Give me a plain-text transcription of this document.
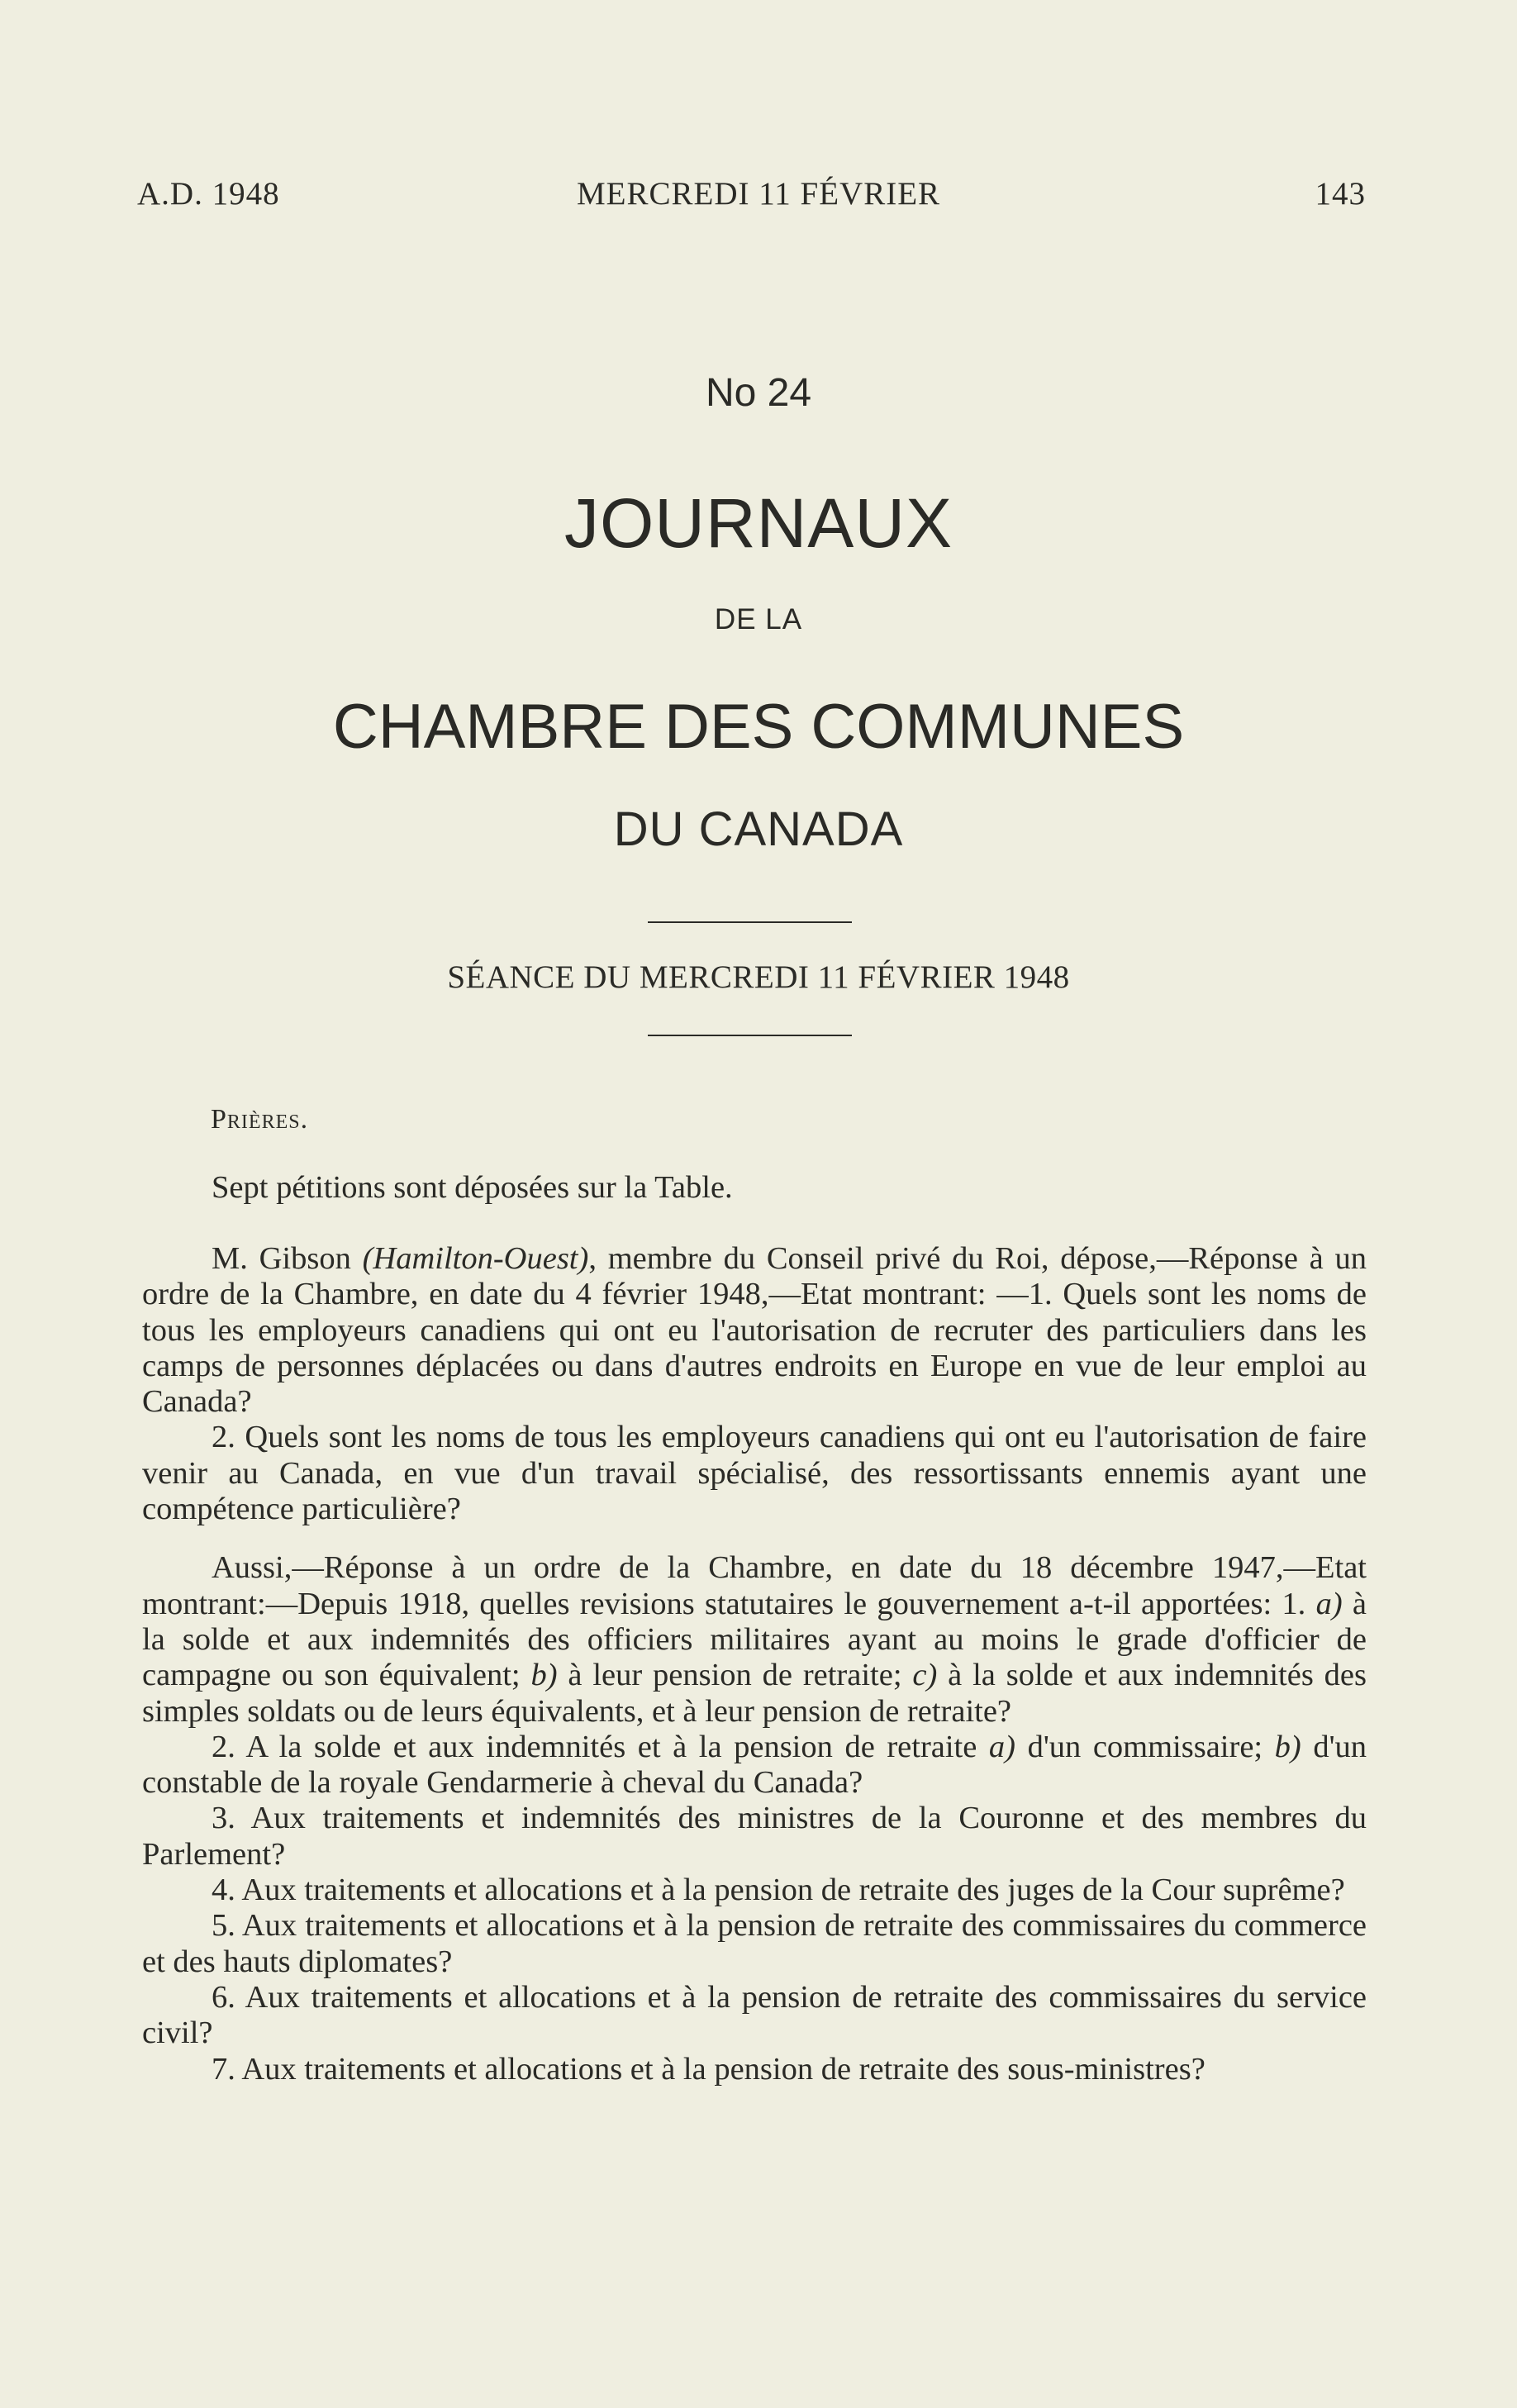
A.D. 1948	MERCREDI 11 FÉVRIER	143
No 24
JOURNAUX
DE LA
CHAMBRE DES COMMUNES
DU CANADA
SÉANCE DU MERCREDI 11 FÉVRIER 1948
Prières.

Sept pétitions sont déposées sur la Table.

M. Gibson (Hamilton-Ouest), membre du Conseil privé du Roi, dépose,—Réponse à un ordre de la Chambre, en date du 4 février 1948,—Etat montrant: —1. Quels sont les noms de tous les employeurs canadiens qui ont eu l'autorisation de recruter des particuliers dans les camps de personnes déplacées ou dans d'autres endroits en Europe en vue de leur emploi au Canada?

2. Quels sont les noms de tous les employeurs canadiens qui ont eu l'autorisation de faire venir au Canada, en vue d'un travail spécialisé, des ressortissants ennemis ayant une compétence particulière?

Aussi,—Réponse à un ordre de la Chambre, en date du 18 décembre 1947,—Etat montrant:—Depuis 1918, quelles revisions statutaires le gouvernement a-t-il apportées: 1. a) à la solde et aux indemnités des officiers militaires ayant au moins le grade d'officier de campagne ou son équivalent; b) à leur pension de retraite; c) à la solde et aux indemnités des simples soldats ou de leurs équivalents, et à leur pension de retraite?

2. A la solde et aux indemnités et à la pension de retraite a) d'un commissaire; b) d'un constable de la royale Gendarmerie à cheval du Canada?

3. Aux traitements et indemnités des ministres de la Couronne et des membres du Parlement?

4. Aux traitements et allocations et à la pension de retraite des juges de la Cour suprême?

5. Aux traitements et allocations et à la pension de retraite des commissaires du commerce et des hauts diplomates?

6. Aux traitements et allocations et à la pension de retraite des commissaires du service civil?

7. Aux traitements et allocations et à la pension de retraite des sous-ministres?
